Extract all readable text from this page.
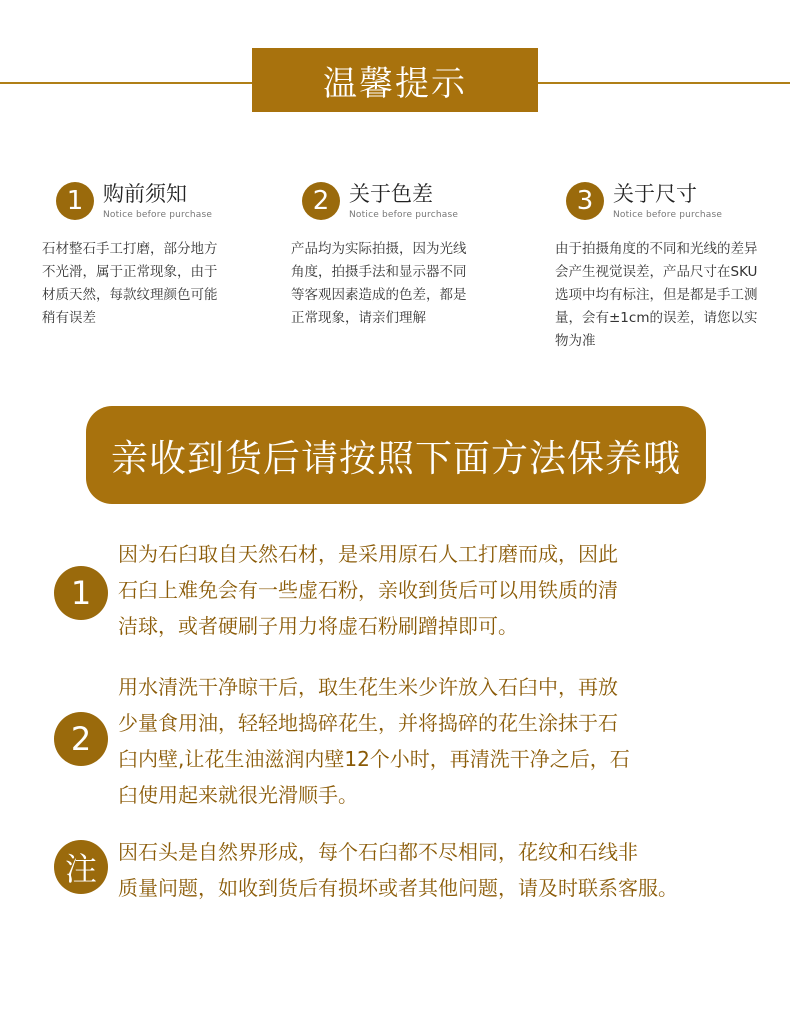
温馨提示
1 购前须知
Notice before purchase
石材整石手工打磨，部分地方
不光滑，属于正常现象，由于
材质天然，每款纹理颜色可能
稍有误差
2 关于色差
Notice before purchase
产品均为实际拍摄，因为光线
角度，拍摄手法和显示器不同
等客观因素造成的色差，都是
正常现象，请亲们理解
3 关于尺寸
Notice before purchase
由于拍摄角度的不同和光线的差异
会产生视觉误差，产品尺寸在SKU
选项中均有标注，但是都是手工测
量，会有±1cm的误差，请您以实
物为准
亲收到货后请按照下面方法保养哦
1
因为石臼取自天然石材，是采用原石人工打磨而成，因此
石臼上难免会有一些虚石粉，亲收到货后可以用铁质的清
洁球，或者硬刷子用力将虚石粉刷蹭掉即可。
2
用水清洗干净晾干后，取生花生米少许放入石臼中，再放
少量食用油，轻轻地捣碎花生，并将捣碎的花生涂抹于石
臼内壁,让花生油滋润内壁12个小时，再清洗干净之后，石
臼使用起来就很光滑顺手。
注	因石头是自然界形成，每个石臼都不尽相同，花纹和石线非
质量问题，如收到货后有损坏或者其他问题，请及时联系客服。
